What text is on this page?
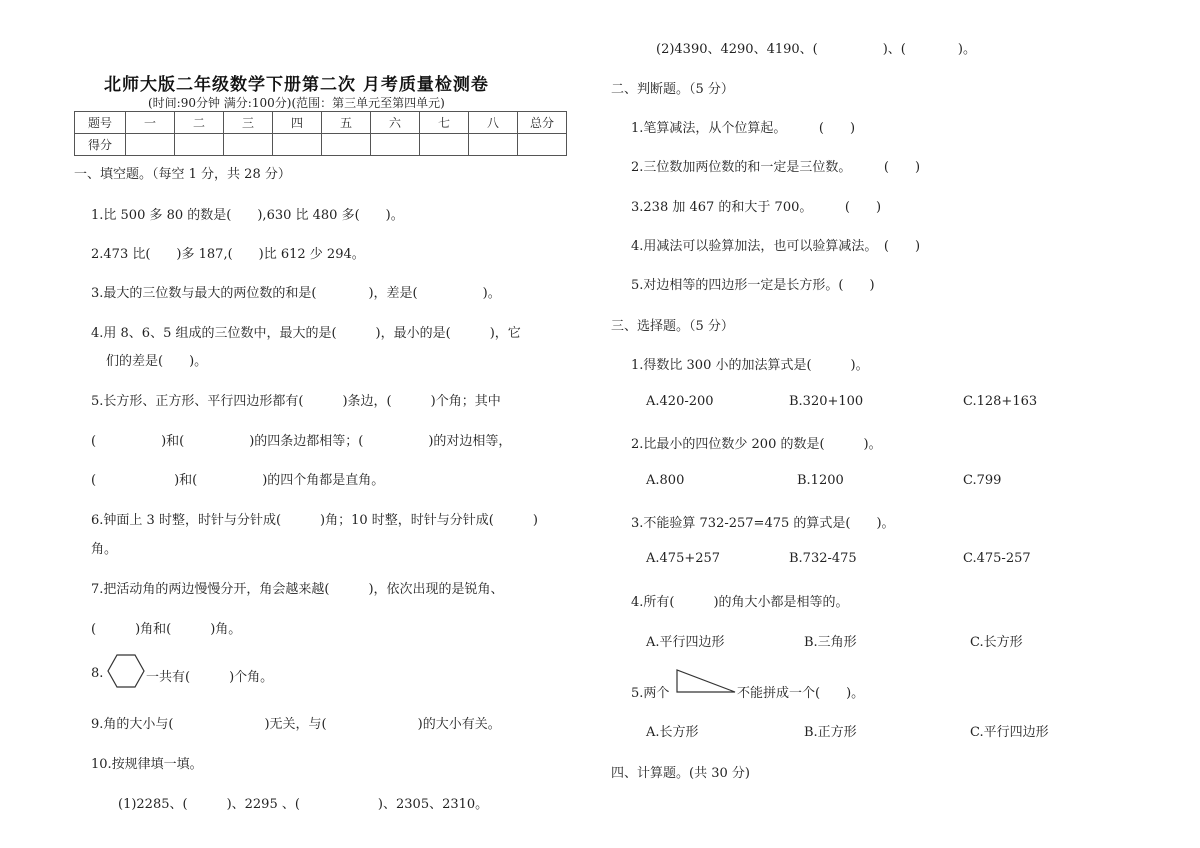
北师大版二年级数学下册第二次 月考质量检测卷
(时间:90分钟 满分:100分)(范围：第三单元至第四单元)
题号	一	二	三	四	五	六	七	八	总分
得分									
一、填空题。（每空 1 分，共 28 分）
1.比 500 多 80 的数是(　　),630 比 480 多(　　)。
2.473 比(　　)多 187,(　　)比 612 少 294。
3.最大的三位数与最大的两位数的和是(　　　　)，差是(　　　　　)。
4.用 8、6、5 组成的三位数中，最大的是(　　　)，最小的是(　　　)，它
们的差是(　　)。
5.长方形、正方形、平行四边形都有(　　　)条边，(　　　)个角；其中
(　　　　　)和(　　　　　)的四条边都相等；(　　　　　)的对边相等，
(　　　　　　)和(　　　　　)的四个角都是直角。
6.钟面上 3 时整，时针与分针成(　　　)角；10 时整，时针与分针成(　　　)
角。
7.把活动角的两边慢慢分开，角会越来越(　　　)，依次出现的是锐角、
(　　　)角和(　　　)角。
8.	一共有(　　　)个角。
9.角的大小与(　　　　　　　)无关，与(　　　　　　　)的大小有关。
10.按规律填一填。
(1)2285、(　　　)、2295 、(　　　　　　)、2305、2310。
(2)4390、4290、4190、(　　　　　)、(　　　　)。
二、判断题。（5 分）
1.笔算减法，从个位算起。　　　(　　)
2.三位数加两位数的和一定是三位数。　　　(　　)
3.238 加 467 的和大于 700。　　　(　　)
4.用减法可以验算加法，也可以验算减法。　(　　)
5.对边相等的四边形一定是长方形。(　　)
三、选择题。（5 分）
1.得数比 300 小的加法算式是(　　　)。
A.420-200	B.320+100	C.128+163
2.比最小的四位数少 200 的数是(　　　)。
A.800	B.1200	C.799
3.不能验算 732-257=475 的算式是(　　)。
A.475+257	B.732-475	C.475-257
4.所有(　　　)的角大小都是相等的。
A.平行四边形	B.三角形	C.长方形
5.两个	不能拼成一个(　　)。
A.长方形	B.正方形	C.平行四边形
四、计算题。(共 30 分)
